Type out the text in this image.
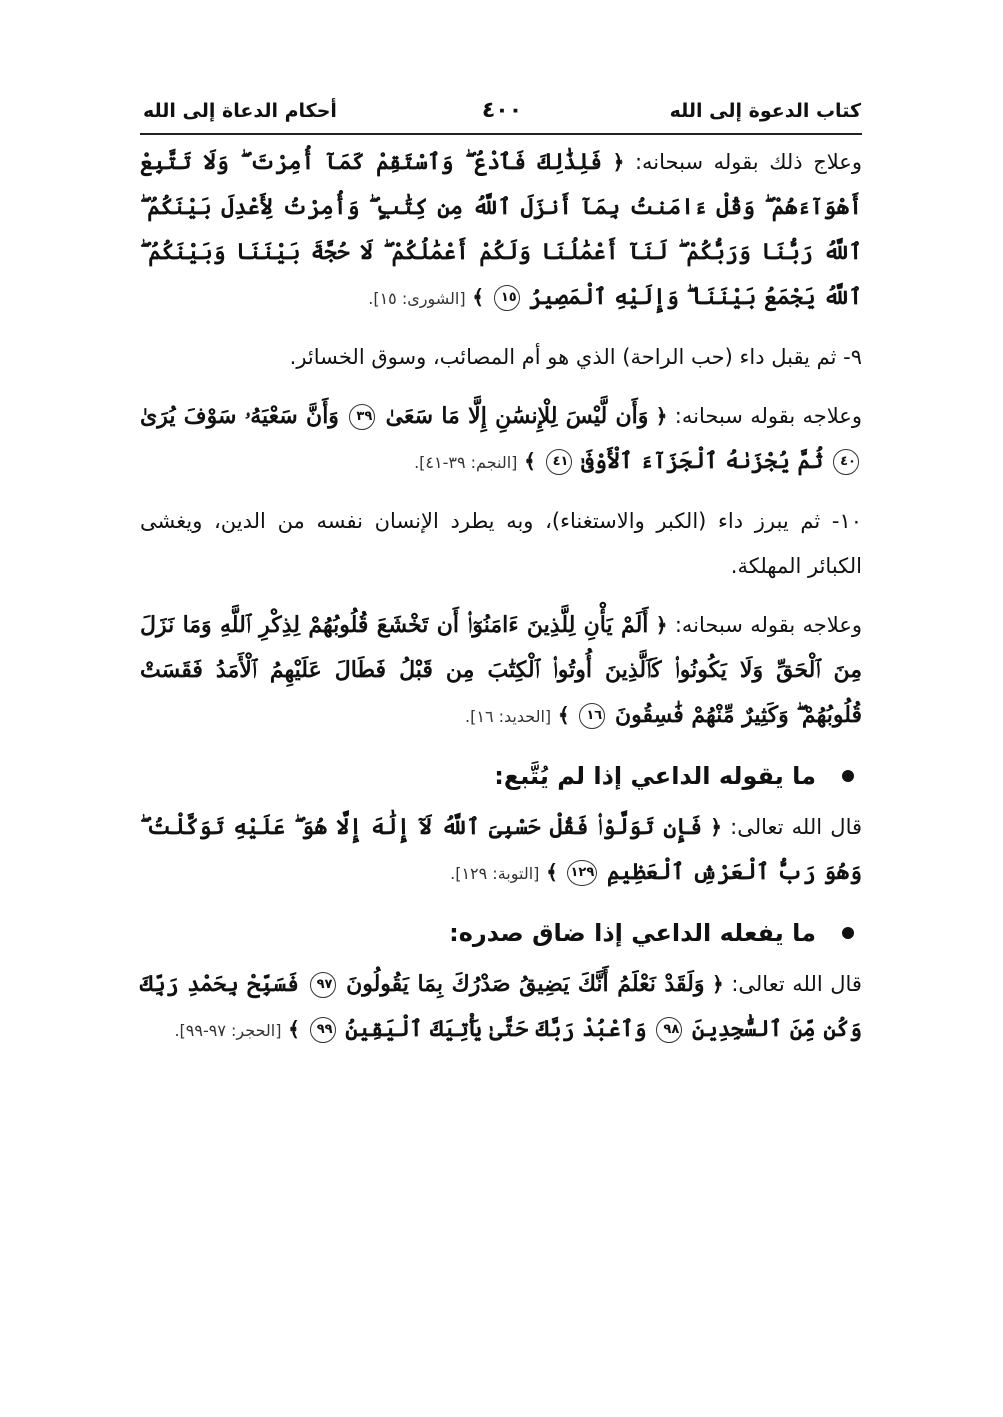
كتاب الدعوة إلى الله
٤٠٠
أحكام الدعاة إلى الله

وعلاج ذلك بقوله سبحانه: ﴿ فَلِذَٰلِكَ فَٱدْعُ ۖ وَٱسْتَقِمْ كَمَآ أُمِرْتَ ۖ وَلَا تَتَّبِعْ أَهْوَآءَهُمْ ۖ وَقُلْ ءَامَنتُ بِمَآ أَنزَلَ ٱللَّهُ مِن كِتَٰبٍ ۖ وَأُمِرْتُ لِأَعْدِلَ بَيْنَكُمُ ۖ ٱللَّهُ رَبُّنَا وَرَبُّكُمْ ۖ لَنَآ أَعْمَٰلُنَا وَلَكُمْ أَعْمَٰلُكُمْ ۖ لَا حُجَّةَ بَيْنَنَا وَبَيْنَكُمُ ۖ ٱللَّهُ يَجْمَعُ بَيْنَنَا ۖ وَإِلَيْهِ ٱلْمَصِيرُ ١٥ ﴾ [الشورى: ١٥].

٩- ثم يقبل داء (حب الراحة) الذي هو أم المصائب، وسوق الخسائر.

وعلاجه بقوله سبحانه: ﴿ وَأَن لَّيْسَ لِلْإِنسَٰنِ إِلَّا مَا سَعَىٰ ٣٩ وَأَنَّ سَعْيَهُۥ سَوْفَ يُرَىٰ ٤٠ ثُمَّ يُجْزَىٰهُ ٱلْجَزَآءَ ٱلْأَوْفَىٰ ٤١ ﴾ [النجم: ٣٩-٤١].

١٠- ثم يبرز داء (الكبر والاستغناء)، وبه يطرد الإنسان نفسه من الدين، ويغشى الكبائر المهلكة.

وعلاجه بقوله سبحانه: ﴿ أَلَمْ يَأْنِ لِلَّذِينَ ءَامَنُوٓا۟ أَن تَخْشَعَ قُلُوبُهُمْ لِذِكْرِ ٱللَّهِ وَمَا نَزَلَ مِنَ ٱلْحَقِّ وَلَا يَكُونُوا۟ كَٱلَّذِينَ أُوتُوا۟ ٱلْكِتَٰبَ مِن قَبْلُ فَطَالَ عَلَيْهِمُ ٱلْأَمَدُ فَقَسَتْ قُلُوبُهُمْ ۖ وَكَثِيرٌ مِّنْهُمْ فَٰسِقُونَ ١٦ ﴾ [الحديد: ١٦].

ما يقوله الداعي إذا لم يُتَّبع:

قال الله تعالى: ﴿ فَإِن تَوَلَّوْا۟ فَقُلْ حَسْبِىَ ٱللَّهُ لَآ إِلَٰهَ إِلَّا هُوَ ۖ عَلَيْهِ تَوَكَّلْتُ ۖ وَهُوَ رَبُّ ٱلْعَرْشِ ٱلْعَظِيمِ ١٢٩ ﴾ [التوبة: ١٢٩].

ما يفعله الداعي إذا ضاق صدره:

قال الله تعالى: ﴿ وَلَقَدْ نَعْلَمُ أَنَّكَ يَضِيقُ صَدْرُكَ بِمَا يَقُولُونَ ٩٧ فَسَبِّحْ بِحَمْدِ رَبِّكَ وَكُن مِّنَ ٱلسَّٰجِدِينَ ٩٨ وَٱعْبُدْ رَبَّكَ حَتَّىٰ يَأْتِيَكَ ٱلْيَقِينُ ٩٩ ﴾ [الحجر: ٩٧-٩٩].
